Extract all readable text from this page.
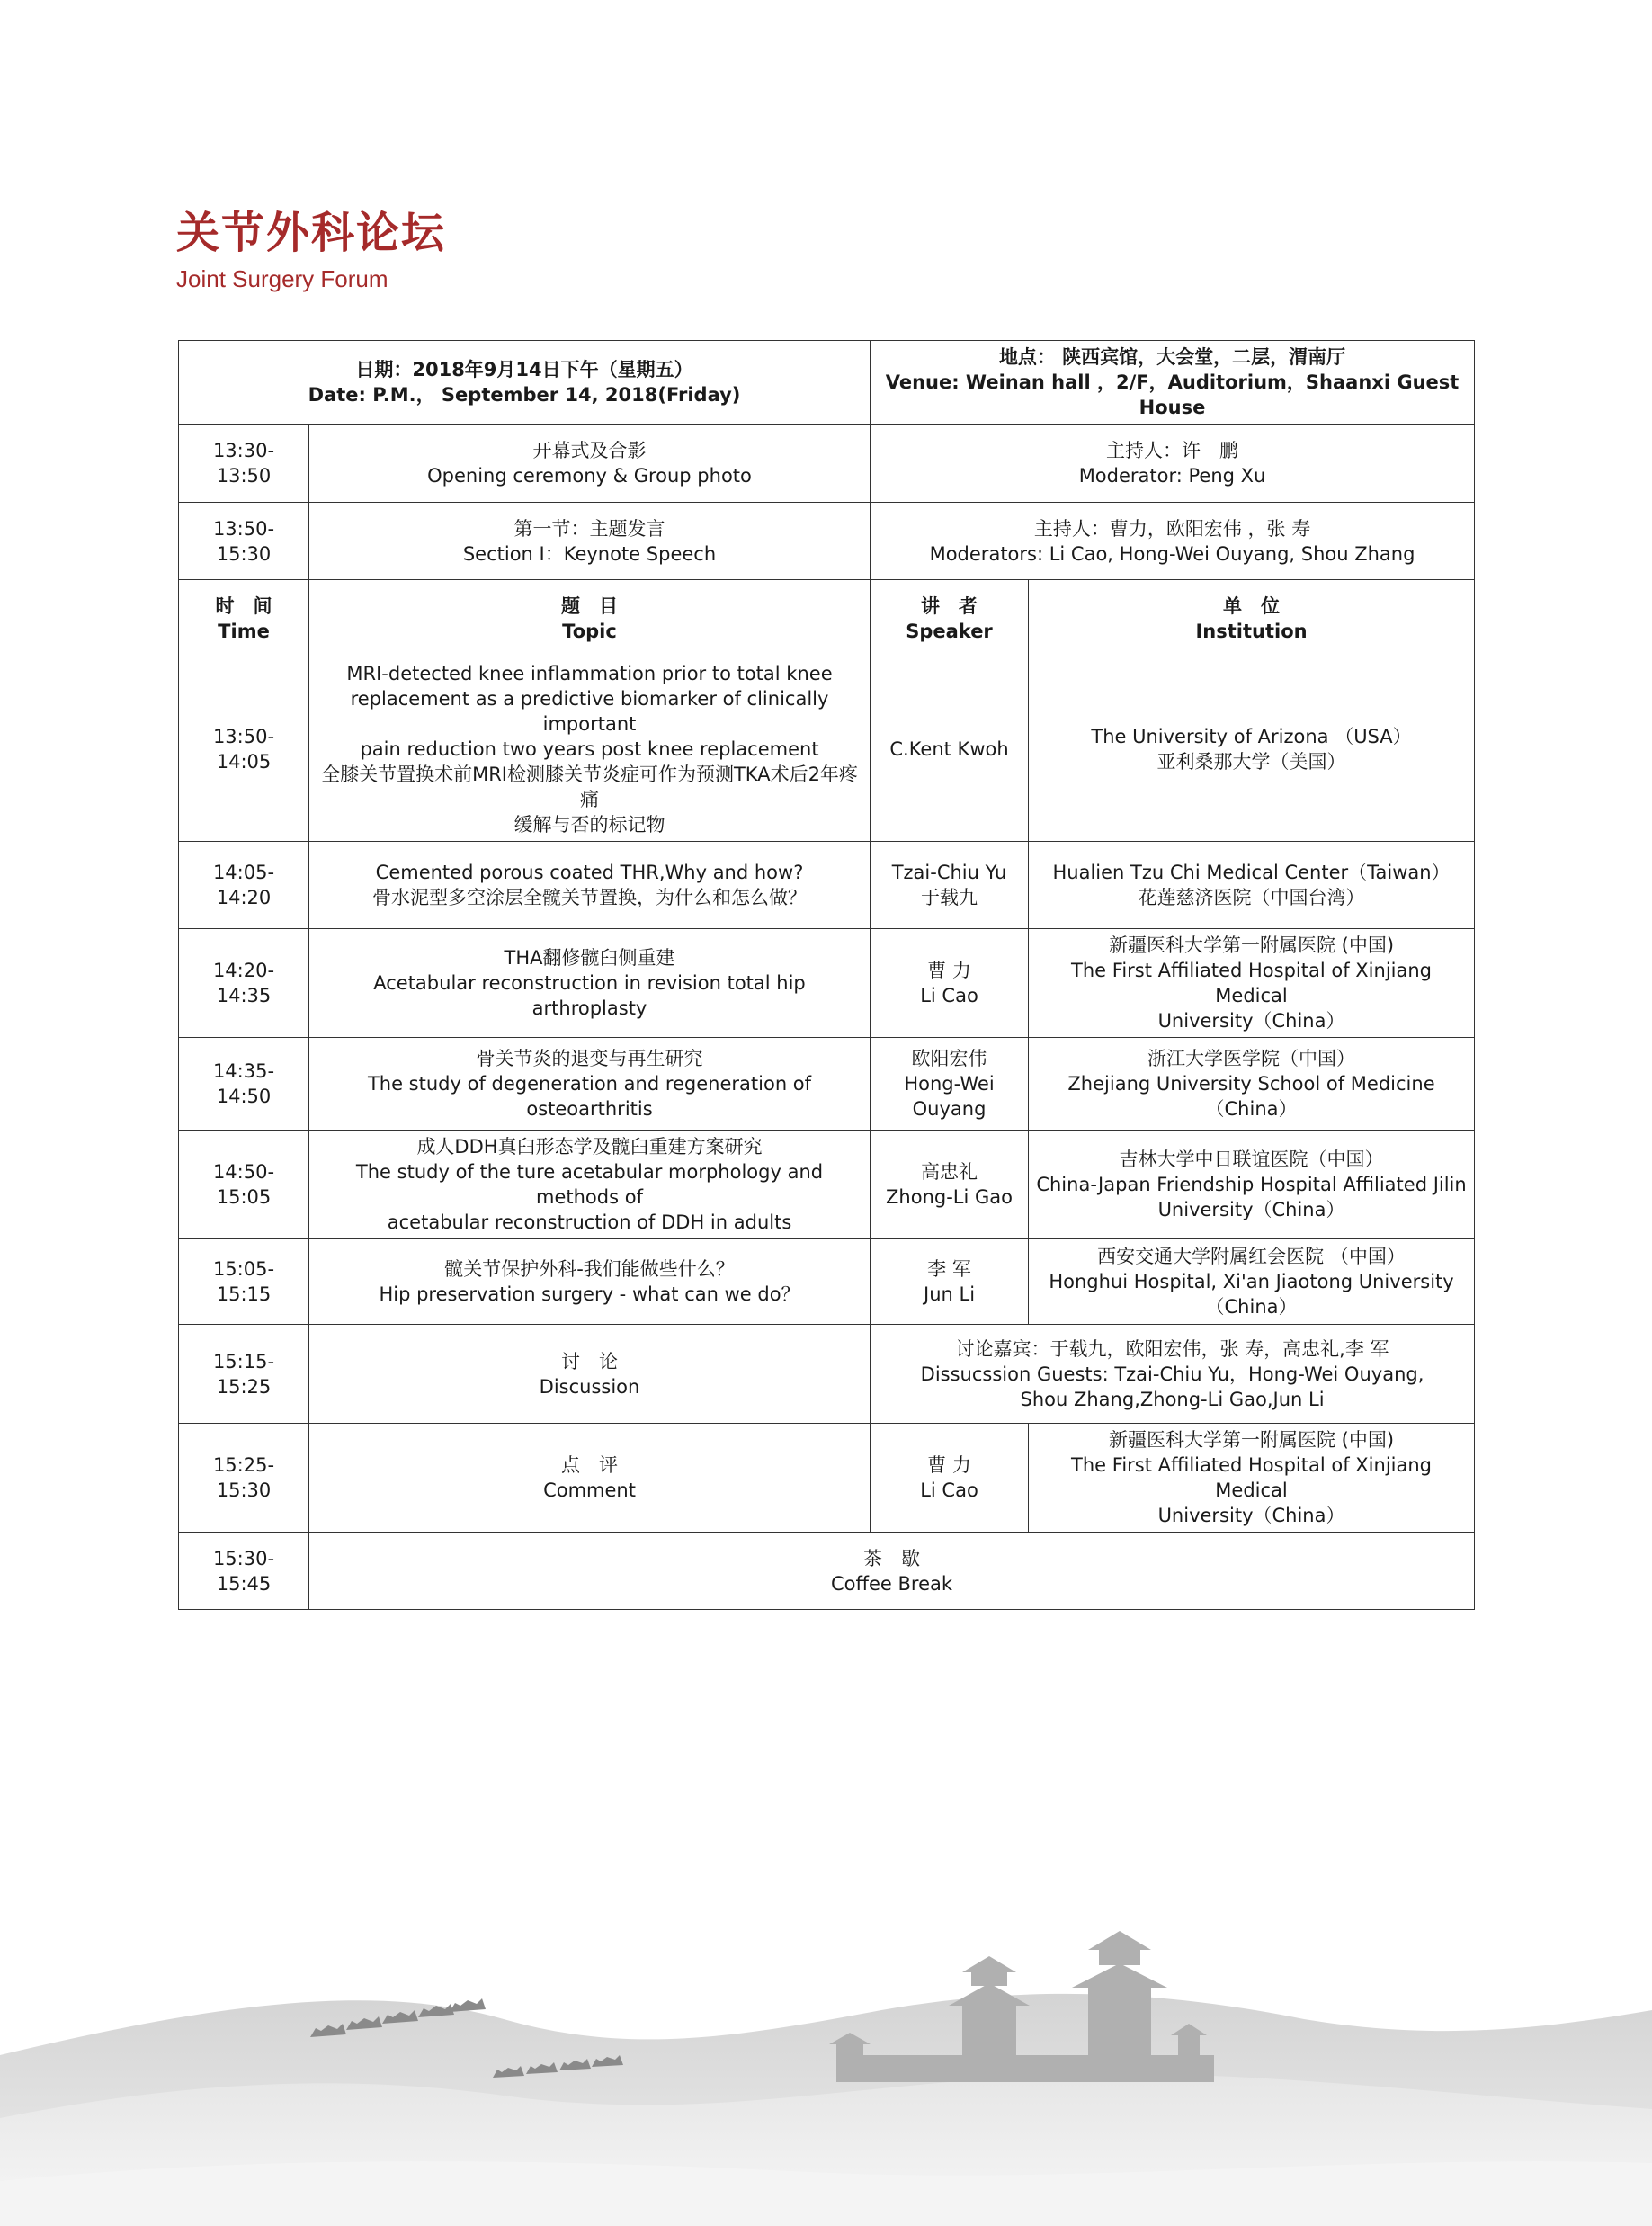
关节外科论坛
Joint Surgery Forum
日期：2018年9月14日下午（星期五）
Date: P.M.， September 14, 2018(Friday)		地点： 陕西宾馆，大会堂，二层，渭南厅
Venue: Weinan hall ，2/F，Auditorium，Shaanxi Guest House	

13:30-13:50	开幕式及合影
Opening ceremony & Group photo	主持人：许　鹏
Moderator: Peng Xu	

13:50-15:30	第一节：主题发言
Section Ⅰ：Keynote Speech	主持人：曹力，欧阳宏伟 ，张 寿
Moderators: Li Cao, Hong-Wei Ouyang, Shou Zhang	

时　间
Time	题　目
Topic	讲　者
Speaker	单　位
Institution

13:50-14:05	MRI-detected knee inflammation prior to total knee
replacement as a predictive biomarker of clinically important
pain reduction two years post knee replacement
全膝关节置换术前MRI检测膝关节炎症可作为预测TKA术后2年疼痛
缓解与否的标记物	C.Kent Kwoh	The University of Arizona （USA）
亚利桑那大学（美国）

14:05-14:20	Cemented porous coated THR,Why and how?
骨水泥型多空涂层全髋关节置换，为什么和怎么做？	Tzai-Chiu Yu
于载九	Hualien Tzu Chi Medical Center（Taiwan）
花莲慈济医院（中国台湾）

14:20-14:35	THA翻修髋臼侧重建
Acetabular reconstruction in revision total hip arthroplasty	曹 力
Li Cao	新疆医科大学第一附属医院 (中国)
The First Affiliated Hospital of Xinjiang Medical
University（China）

14:35-14:50	骨关节炎的退变与再生研究
The study of degeneration and regeneration of osteoarthritis	欧阳宏伟
Hong-Wei
Ouyang	浙江大学医学院（中国）
Zhejiang University School of Medicine
（China）

14:50-15:05	成人DDH真臼形态学及髋臼重建方案研究
The study of the ture acetabular morphology and methods of
acetabular reconstruction of DDH in adults	高忠礼
Zhong-Li Gao	吉林大学中日联谊医院（中国）
China-Japan Friendship Hospital Affiliated Jilin
University（China）

15:05-15:15	髋关节保护外科-我们能做些什么？
Hip preservation surgery - what can we do？	李 军
Jun Li	西安交通大学附属红会医院 （中国）
Honghui Hospital, Xi'an Jiaotong University
（China）

15:15-15:25	讨　论
Discussion	讨论嘉宾：于载九，欧阳宏伟，张 寿，高忠礼,李 军
Dissucssion Guests: Tzai-Chiu Yu，Hong-Wei Ouyang,
Shou Zhang,Zhong-Li Gao,Jun Li	

15:25-15:30	点　评
Comment	曹 力
Li Cao	新疆医科大学第一附属医院 (中国)
The First Affiliated Hospital of Xinjiang Medical
University（China）

15:30-15:45	茶　歇
Coffee Break		
